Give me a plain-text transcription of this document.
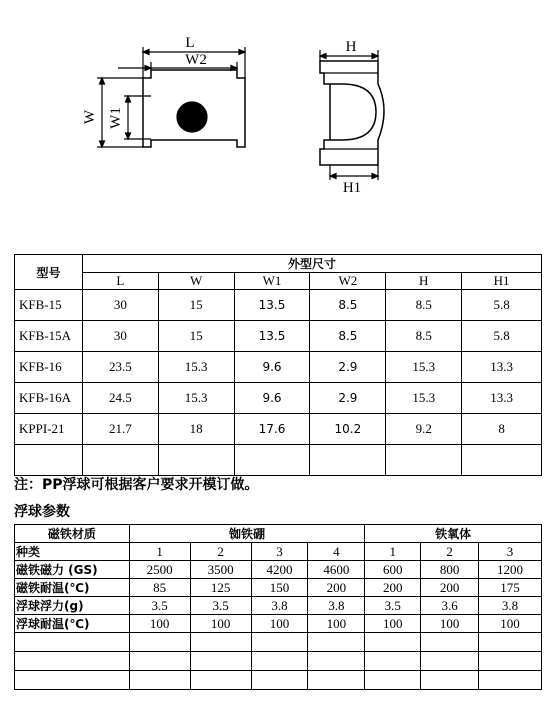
L
W2
W W1
H
H1
型号	外型尺寸					
	L	W	W1	W2	H	H1
KFB-15	30	15	13.5	8.5	8.5	5.8
KFB-15A	30	15	13.5	8.5	8.5	5.8
KFB-16	23.5	15.3	9.6	2.9	15.3	13.3
KFB-16A	24.5	15.3	9.6	2.9	15.3	13.3
KPPI-21	21.7	18	17.6	10.2	9.2	8

注：PP浮球可根据客户要求开模订做。
浮球参数
磁铁材质	铷铁硼				铁氧体		
种类	1	2	3	4	1	2	3
磁铁磁力 (GS)	2500	3500	4200	4600	600	800	1200
磁铁耐温(℃)	85	125	150	200	200	200	175
浮球浮力(g)	3.5	3.5	3.8	3.8	3.5	3.6	3.8
浮球耐温(℃)	100	100	100	100	100	100	100
